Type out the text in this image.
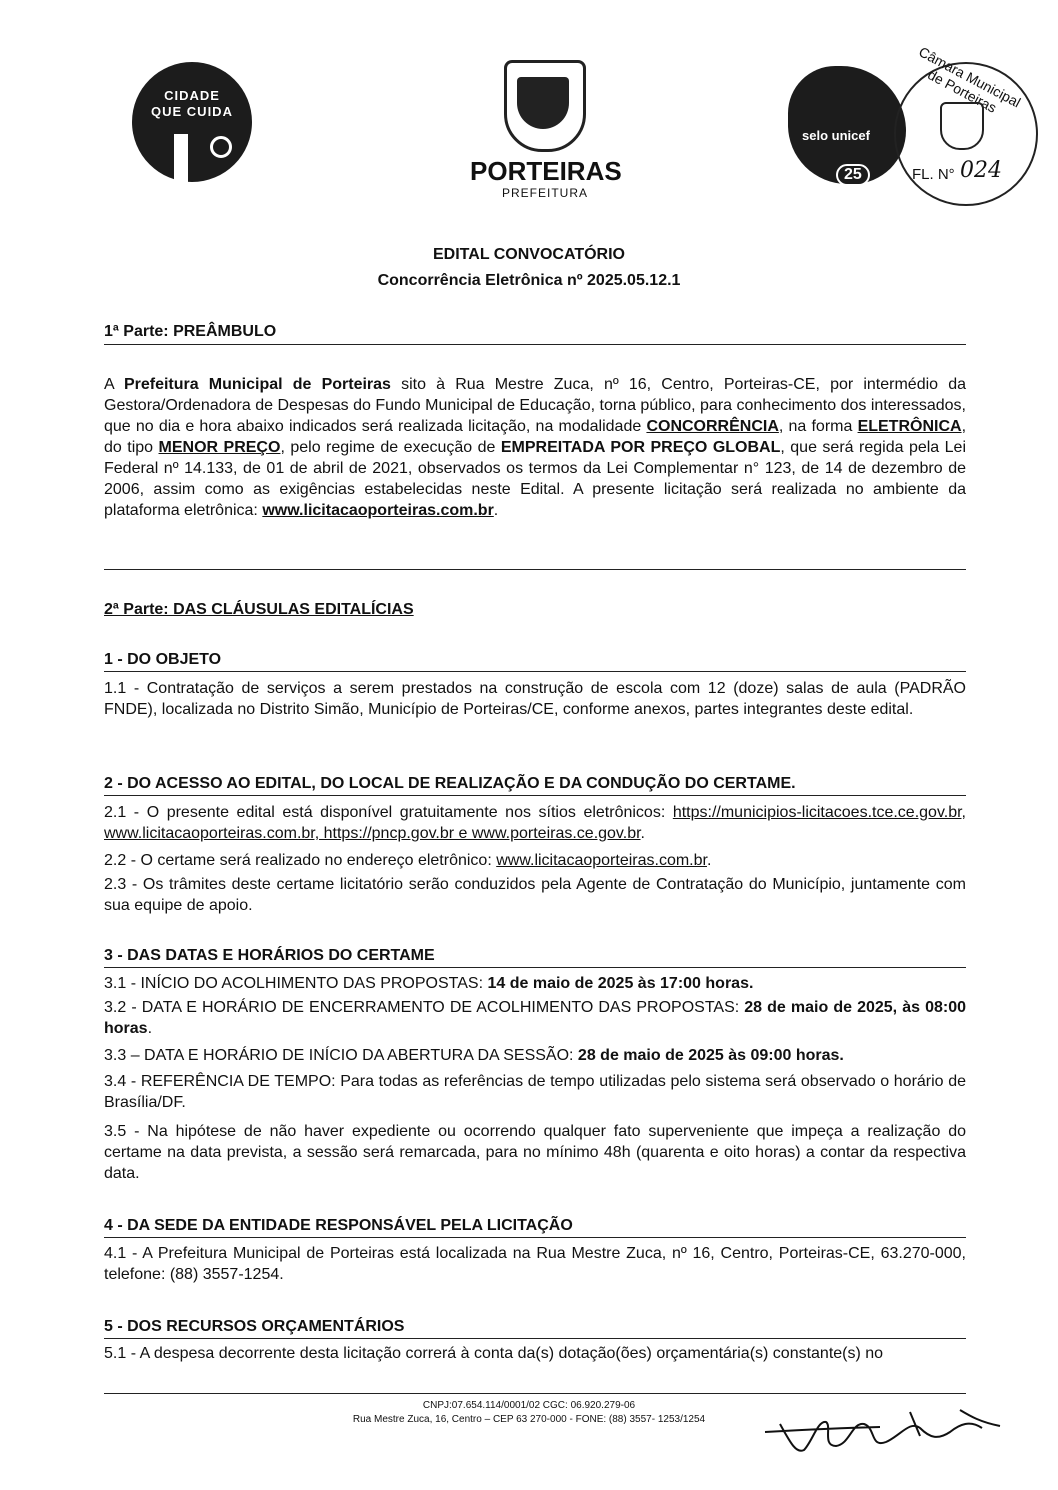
CIDADE
QUE CUIDA
PORTEIRAS
PREFEITURA
selo unicef
25
Câmara Municipal de Porteiras
FL. N° 024
EDITAL CONVOCATÓRIO
Concorrência Eletrônica nº 2025.05.12.1
1ª Parte: PREÂMBULO
A Prefeitura Municipal de Porteiras sito à Rua Mestre Zuca, nº 16, Centro, Porteiras-CE, por intermédio da Gestora/Ordenadora de Despesas do Fundo Municipal de Educação, torna público, para conhecimento dos interessados, que no dia e hora abaixo indicados será realizada licitação, na modalidade CONCORRÊNCIA, na forma ELETRÔNICA, do tipo MENOR PREÇO, pelo regime de execução de EMPREITADA POR PREÇO GLOBAL, que será regida pela Lei Federal nº 14.133, de 01 de abril de 2021, observados os termos da Lei Complementar n° 123, de 14 de dezembro de 2006, assim como as exigências estabelecidas neste Edital. A presente licitação será realizada no ambiente da plataforma eletrônica: www.licitacaoporteiras.com.br.
2ª Parte: DAS CLÁUSULAS EDITALÍCIAS
1 - DO OBJETO
1.1 - Contratação de serviços a serem prestados na construção de escola com 12 (doze) salas de aula (PADRÃO FNDE), localizada no Distrito Simão, Município de Porteiras/CE, conforme anexos, partes integrantes deste edital.
2 - DO ACESSO AO EDITAL, DO LOCAL DE REALIZAÇÃO E DA CONDUÇÃO DO CERTAME.
2.1 - O presente edital está disponível gratuitamente nos sítios eletrônicos: https://municipios-licitacoes.tce.ce.gov.br, www.licitacaoporteiras.com.br, https://pncp.gov.br e www.porteiras.ce.gov.br.
2.2 - O certame será realizado no endereço eletrônico: www.licitacaoporteiras.com.br.
2.3 - Os trâmites deste certame licitatório serão conduzidos pela Agente de Contratação do Município, juntamente com sua equipe de apoio.
3 - DAS DATAS E HORÁRIOS DO CERTAME
3.1 - INÍCIO DO ACOLHIMENTO DAS PROPOSTAS: 14 de maio de 2025 às 17:00 horas.
3.2 - DATA E HORÁRIO DE ENCERRAMENTO DE ACOLHIMENTO DAS PROPOSTAS: 28 de maio de 2025, às 08:00 horas.
3.3 – DATA E HORÁRIO DE INÍCIO DA ABERTURA DA SESSÃO: 28 de maio de 2025 às 09:00 horas.
3.4 - REFERÊNCIA DE TEMPO: Para todas as referências de tempo utilizadas pelo sistema será observado o horário de Brasília/DF.
3.5 - Na hipótese de não haver expediente ou ocorrendo qualquer fato superveniente que impeça a realização do certame na data prevista, a sessão será remarcada, para no mínimo 48h (quarenta e oito horas) a contar da respectiva data.
4 - DA SEDE DA ENTIDADE RESPONSÁVEL PELA LICITAÇÃO
4.1 - A Prefeitura Municipal de Porteiras está localizada na Rua Mestre Zuca, nº 16, Centro, Porteiras-CE, 63.270-000, telefone: (88) 3557-1254.
5 - DOS RECURSOS ORÇAMENTÁRIOS
5.1 - A despesa decorrente desta licitação correrá à conta da(s) dotação(ões) orçamentária(s) constante(s) no
CNPJ:07.654.114/0001/02 CGC: 06.920.279-06
Rua Mestre Zuca, 16, Centro – CEP 63 270-000 - FONE: (88) 3557- 1253/1254
